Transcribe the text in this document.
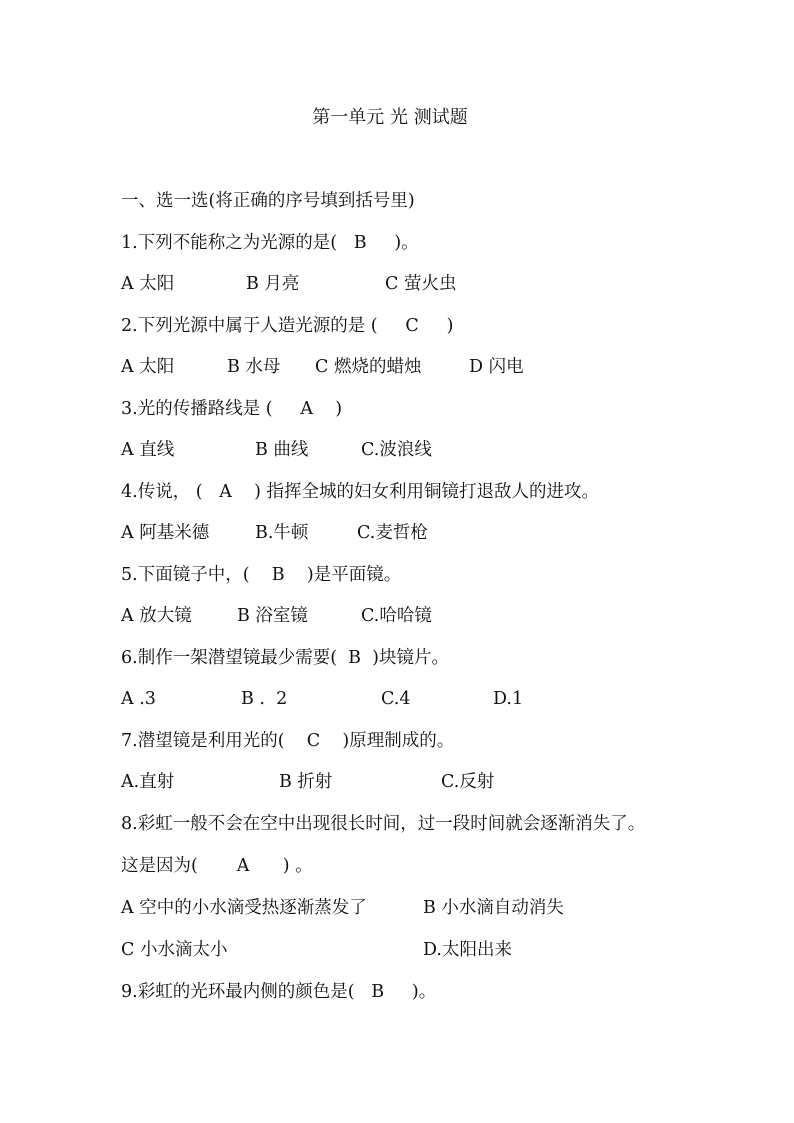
第一单元 光 测试题
一、选一选(将正确的序号填到括号里)
1.下列不能称之为光源的是(   B     )。

A 太阳

	B 月亮

	C 萤火虫

2.下列光源中属于人造光源的是 (     C     )

A 太阳

	B 水母

C 燃烧的蜡烛

	D 闪电

3.光的传播路线是 (     A    )

A 直线

	B 曲线

	C.波浪线

4.传说， (   A    ) 指挥全城的妇女利用铜镜打退敌人的进攻。

A 阿基米德

	B.牛顿

	C.麦哲枪

5.下面镜子中，(    B    )是平面镜。

A 放大镜

	B 浴室镜

	C.哈哈镜

6.制作一架潜望镜最少需要(  B  )块镜片。

A .3

	B .  2

	C.4

	D.1

7.潜望镜是利用光的(    C    )原理制成的。

A.直射

	B 折射

	C.反射

8.彩虹一般不会在空中出现很长时间，过一段时间就会逐渐消失了。
这是因为(       A      ) 。

A 空中的小水滴受热逐渐蒸发了

	B 小水滴自动消失

C 小水滴太小

	D.太阳出来

9.彩虹的光环最内侧的颜色是(   B     )。
